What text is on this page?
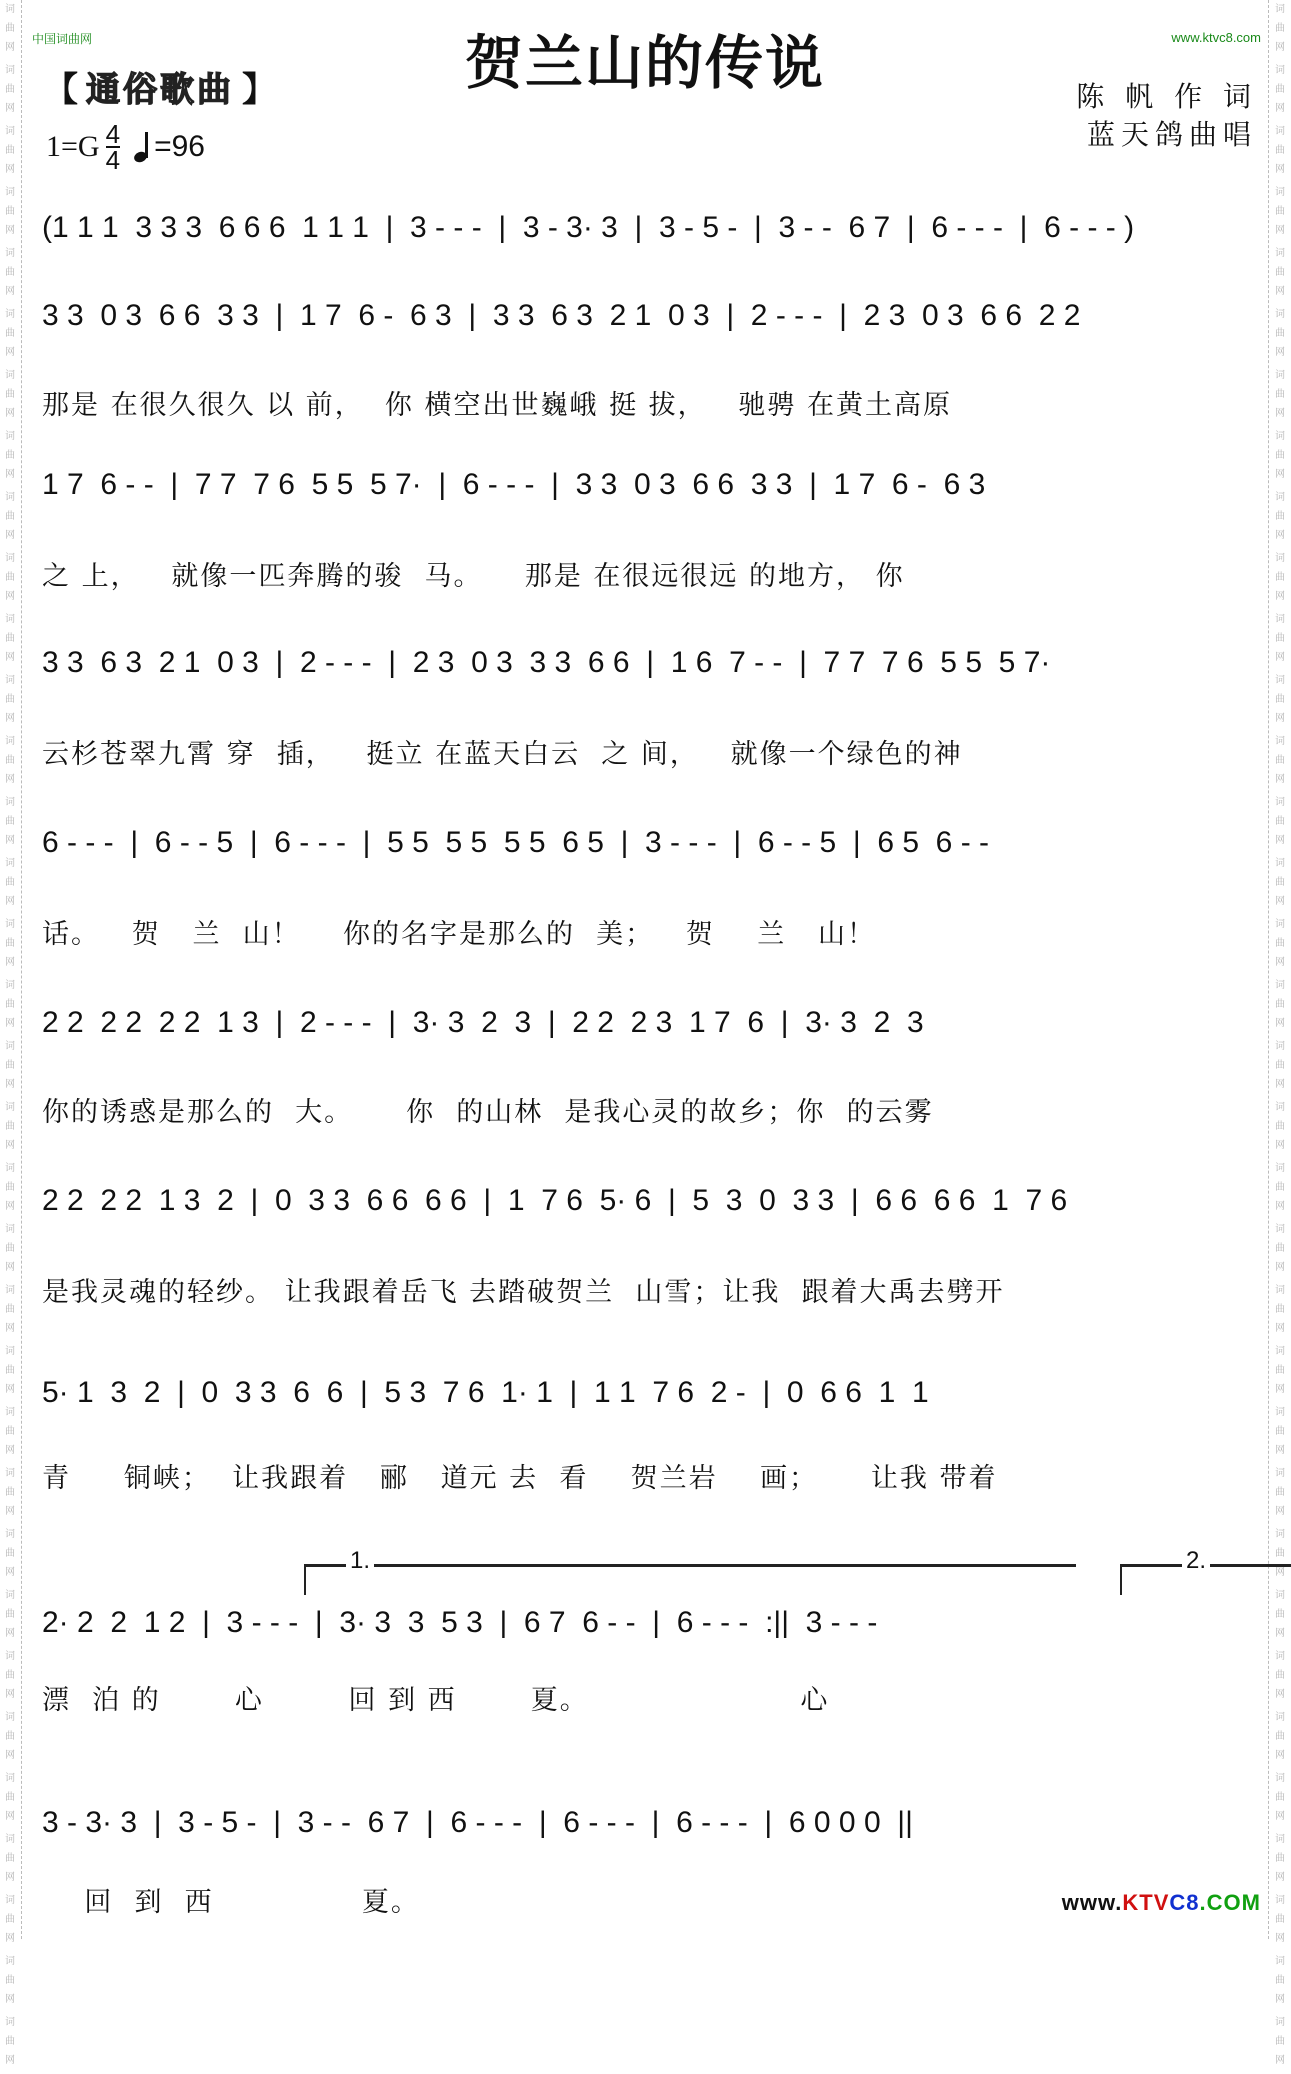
词
曲
网
词
曲
网
词
曲
网
词
曲
网
词
曲
网
词
曲
网
词
曲
网
词
曲
网
词
曲
网
词
曲
网
词
曲
网
词
曲
网
词
曲
网
词
曲
网
词
曲
网
词
曲
网
词
曲
网
词
曲
网
词
曲
网
词
曲
网
词
曲
网
词
曲
网
词
曲
网
词
曲
网
词
曲
网
词
曲
网
词
曲
网
词
曲
网
词
曲
网
词
曲
网
词
曲
网
词
曲
网
词
曲
网
词
曲
网
词
曲
网
词
曲
网
词
曲
网
词
曲
网
词
曲
网
词
曲
网
词
曲
网
词
曲
网
词
曲
网
词
曲
网
词
曲
网
词
曲
网
词
曲
网
词
曲
网
词
曲
网
词
曲
网
词
曲
网
词
曲
网
词
曲
网
词
曲
网
词
曲
网
词
曲
网
词
曲
网
词
曲
网
词
曲
网
词
曲
网
词
曲
网
词
曲
网
词
曲
网
词
曲
网
词
曲
网
词
曲
网
词
曲
网
词
曲
网
中国词曲网	www.ktvc8.com
贺兰山的传说
【 通俗歌曲 】
$1=G \frac{4}{4} =96$
陈 帆 作 词
蓝天鸽曲唱
(1 1 1  3 3 3  6 6 6  1 1 1  |  3 - - -  |  3 - 3· 3  |  3 - 5 -  |  3 - -  6 7  |  6 - - -  |  6 - - - )
3 3  0 3  6 6  3 3  |  1 7  6 -  6 3  |  3 3  6 3  2 1  0 3  |  2 - - -  |  2 3  0 3  6 6  2 2
那是 在很久很久 以 前，  你 横空出世巍峨 挺 拔，   驰骋 在黄土高原
1 7  6 - -  |  7 7  7 6  5 5  5 7·  |  6 - - -  |  3 3  0 3  6 6  3 3  |  1 7  6 -  6 3
之 上，   就像一匹奔腾的骏  马。    那是 在很远很远 的地方， 你
3 3  6 3  2 1  0 3  |  2 - - -  |  2 3  0 3  3 3  6 6  |  1 6  7 - -  |  7 7  7 6  5 5  5 7·
云杉苍翠九霄 穿  插，   挺立 在蓝天白云  之 间，   就像一个绿色的神
6 - - -  |  6 - - 5  |  6 - - -  |  5 5  5 5  5 5  6 5  |  3 - - -  |  6 - - 5  |  6 5  6 - -
话。   贺   兰  山！    你的名字是那么的  美；   贺    兰   山！
2 2  2 2  2 2  1 3  |  2 - - -  |  3· 3  2  3  |  2 2  2 3  1 7  6  |  3· 3  2  3
你的诱惑是那么的  大。     你  的山林  是我心灵的故乡；你  的云雾
2 2  2 2  1 3  2  |  0  3 3  6 6  6 6  |  1  7 6  5· 6  |  5  3  0  3 3  |  6 6  6 6  1  7 6
是我灵魂的轻纱。 让我跟着岳飞 去踏破贺兰  山雪；让我  跟着大禹去劈开
5· 1  3  2  |  0  3 3  6  6  |  5 3  7 6  1· 1  |  1 1  7 6  2 -  |  0  6 6  1  1
青     铜峡；  让我跟着   郦   道元 去  看    贺兰岩    画；     让我 带着
1.	2.
2· 2  2  1 2  |  3 - - -  |  3· 3  3  5 3  |  6 7  6 - -  |  6 - - -  :||  3 - - -
漂  泊 的       心        回 到 西       夏。                    心
3 - 3· 3  |  3 - 5 -  |  3 - -  6 7  |  6 - - -  |  6 - - -  |  6 - - -  |  6 0 0 0  ||
回  到  西              夏。	www.KTVC8.COM
